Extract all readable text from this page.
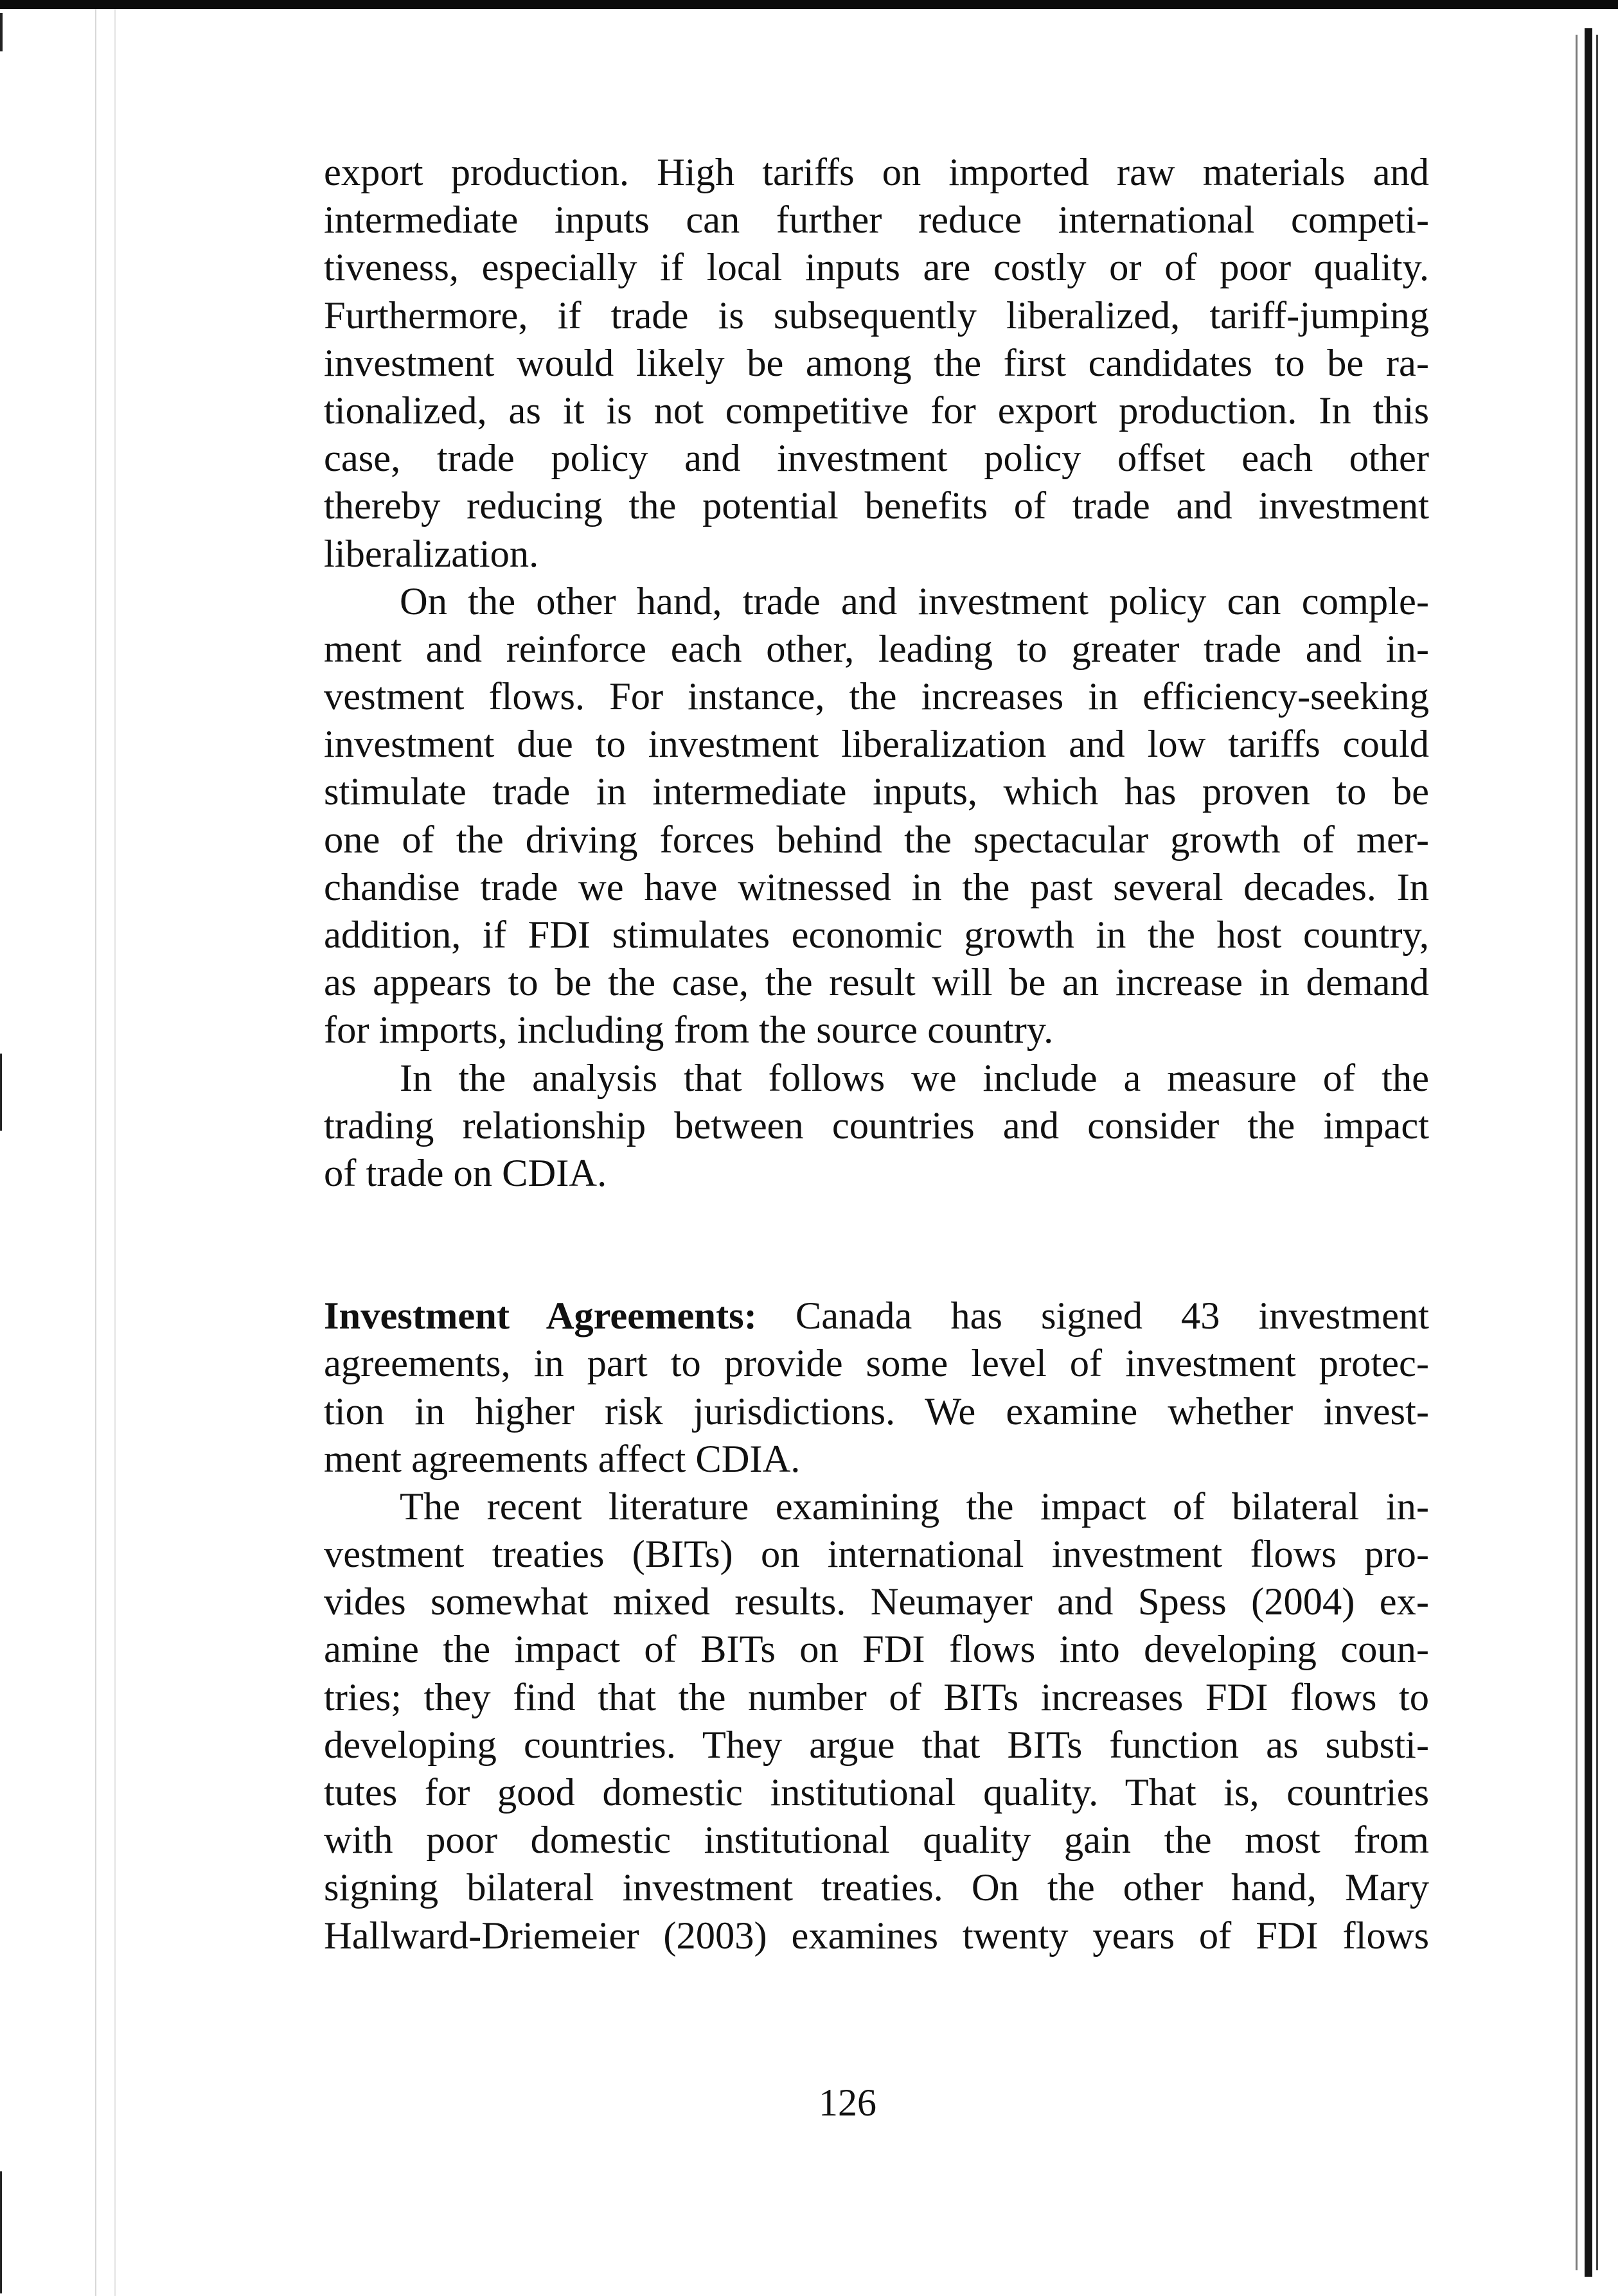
export production. High tariffs on imported raw materials and
intermediate inputs can further reduce international competi-
tiveness, especially if local inputs are costly or of poor quality.
Furthermore, if trade is subsequently liberalized, tariff-jumping
investment would likely be among the first candidates to be ra-
tionalized, as it is not competitive for export production. In this
case, trade policy and investment policy offset each other
thereby reducing the potential benefits of trade and investment
liberalization.
On the other hand, trade and investment policy can comple-
ment and reinforce each other, leading to greater trade and in-
vestment flows. For instance, the increases in efficiency-seeking
investment due to investment liberalization and low tariffs could
stimulate trade in intermediate inputs, which has proven to be
one of the driving forces behind the spectacular growth of mer-
chandise trade we have witnessed in the past several decades. In
addition, if FDI stimulates economic growth in the host country,
as appears to be the case, the result will be an increase in demand
for imports, including from the source country.
In the analysis that follows we include a measure of the
trading relationship between countries and consider the impact
of trade on CDIA.
Investment Agreements: Canada has signed 43 investment
agreements, in part to provide some level of investment protec-
tion in higher risk jurisdictions. We examine whether invest-
ment agreements affect CDIA.
The recent literature examining the impact of bilateral in-
vestment treaties (BITs) on international investment flows pro-
vides somewhat mixed results. Neumayer and Spess (2004) ex-
amine the impact of BITs on FDI flows into developing coun-
tries; they find that the number of BITs increases FDI flows to
developing countries. They argue that BITs function as substi-
tutes for good domestic institutional quality. That is, countries
with poor domestic institutional quality gain the most from
signing bilateral investment treaties. On the other hand, Mary
Hallward-Driemeier (2003) examines twenty years of FDI flows
126
